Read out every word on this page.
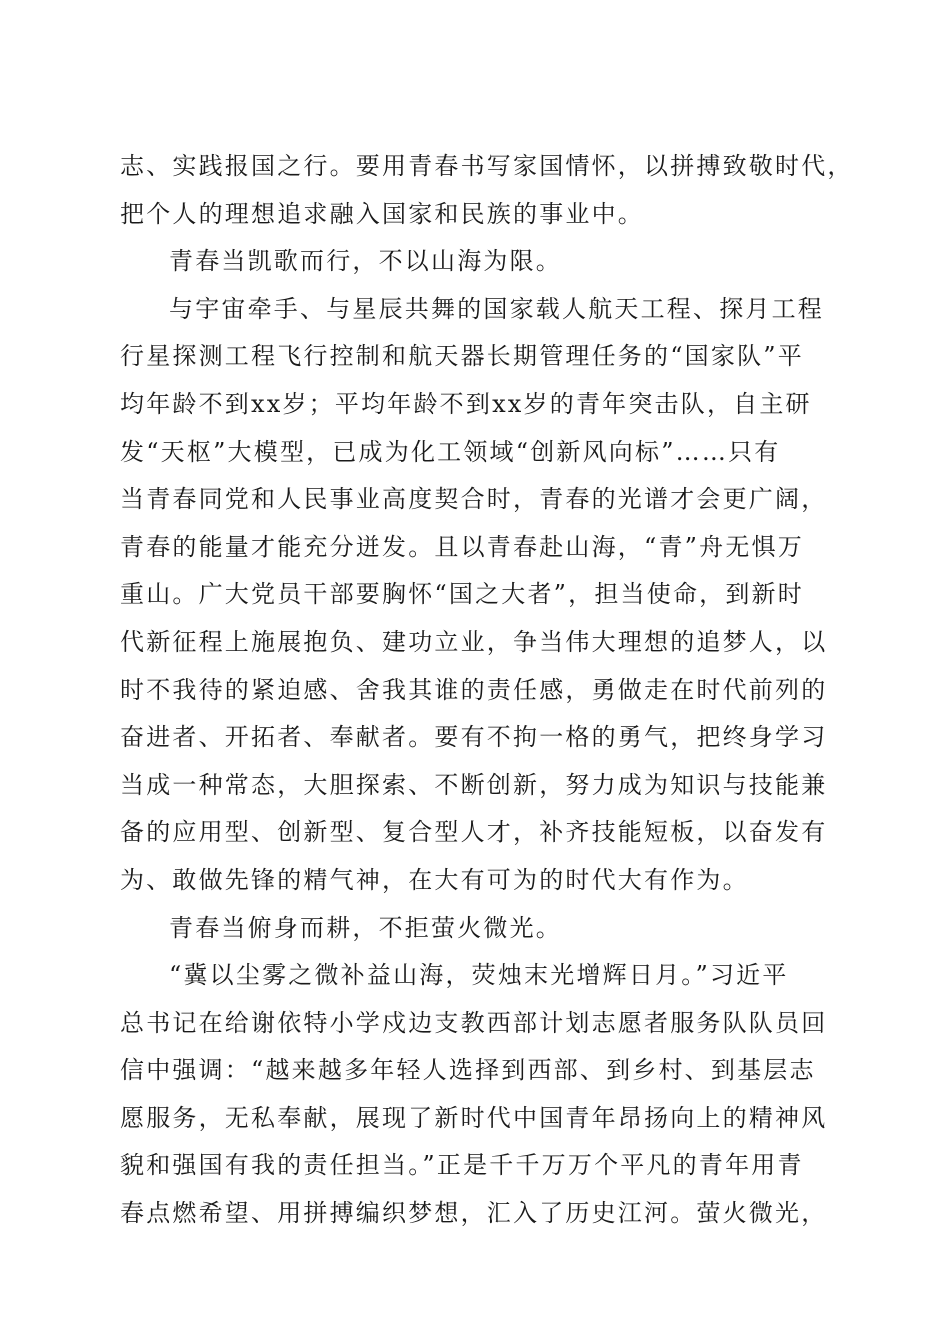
志、实践报国之行。要用青春书写家国情怀，以拼搏致敬时代，
把个人的理想追求融入国家和民族的事业中。
青春当凯歌而行，不以山海为限。
与宇宙牵手、与星辰共舞的国家载人航天工程、探月工程
行星探测工程飞行控制和航天器长期管理任务的“国家队”平
均年龄不到xx岁；平均年龄不到xx岁的青年突击队，自主研
发“天枢”大模型，已成为化工领域“创新风向标”……只有
当青春同党和人民事业高度契合时，青春的光谱才会更广阔，
青春的能量才能充分迸发。且以青春赴山海，“青”舟无惧万
重山。广大党员干部要胸怀“国之大者”，担当使命，到新时
代新征程上施展抱负、建功立业，争当伟大理想的追梦人，以
时不我待的紧迫感、舍我其谁的责任感，勇做走在时代前列的
奋进者、开拓者、奉献者。要有不拘一格的勇气，把终身学习
当成一种常态，大胆探索、不断创新，努力成为知识与技能兼
备的应用型、创新型、复合型人才，补齐技能短板，以奋发有
为、敢做先锋的精气神，在大有可为的时代大有作为。
青春当俯身而耕，不拒萤火微光。
“冀以尘雾之微补益山海，荧烛末光增辉日月。”习近平
总书记在给谢依特小学戍边支教西部计划志愿者服务队队员回
信中强调：“越来越多年轻人选择到西部、到乡村、到基层志
愿服务，无私奉献，展现了新时代中国青年昂扬向上的精神风
貌和强国有我的责任担当。”正是千千万万个平凡的青年用青
春点燃希望、用拼搏编织梦想，汇入了历史江河。萤火微光，
